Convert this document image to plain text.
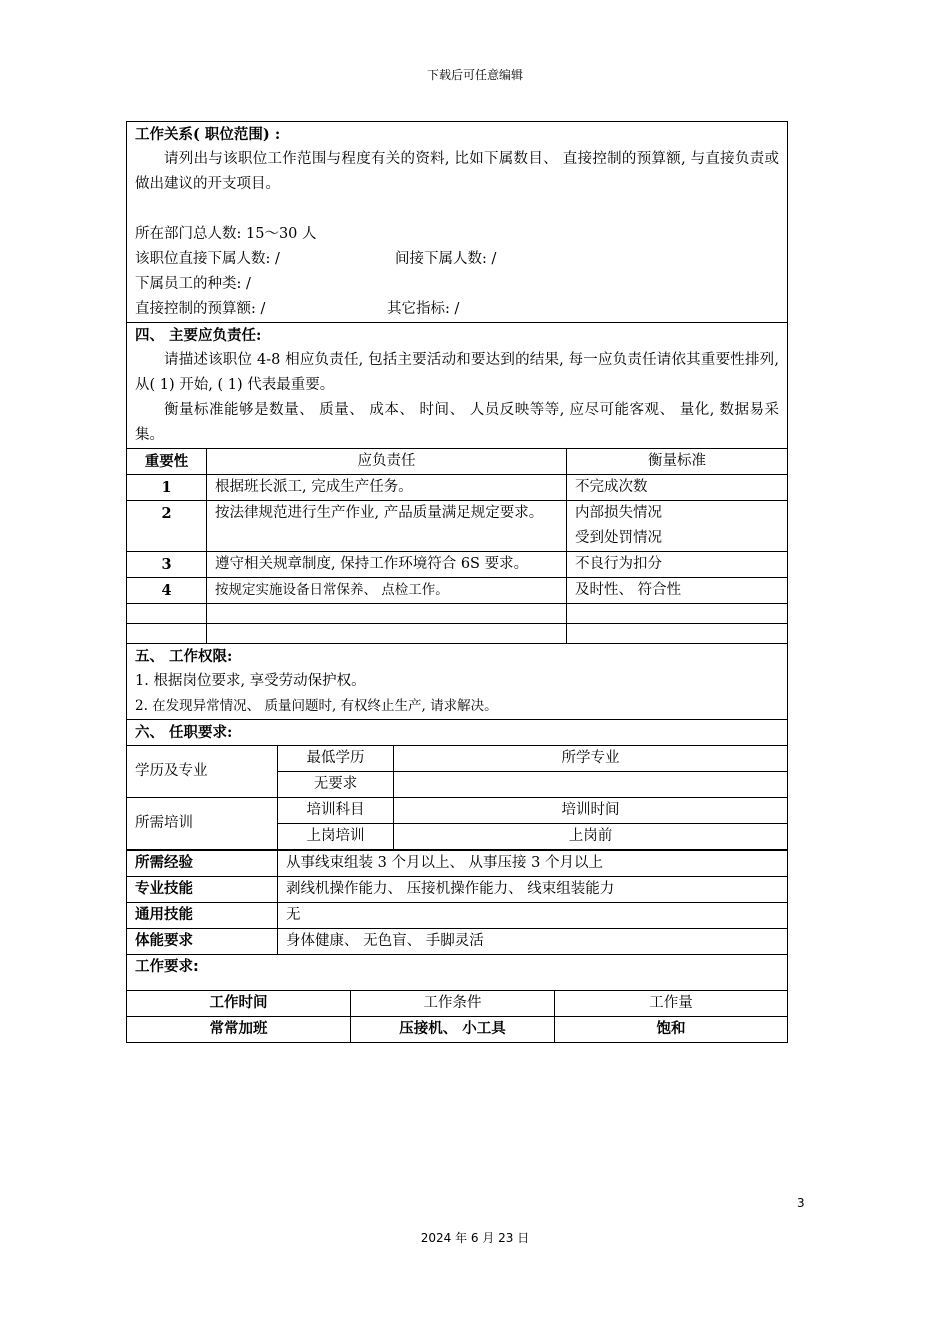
下载后可任意编辑
工作关系( 职位范围) :
请列出与该职位工作范围与程度有关的资料, 比如下属数目、 直接控制的预算额, 与直接负责或做出建议的开支项目。
所在部门总人数: 15～30 人
该职位直接下属人数: /	间接下属人数: /
下属员工的种类: /
直接控制的预算额: /	其它指标: /
四、 主要应负责任:
请描述该职位 4-8 相应负责任, 包括主要活动和要达到的结果, 每一应负责任请依其重要性排列, 从( 1) 开始, ( 1) 代表最重要。
衡量标准能够是数量、 质量、 成本、 时间、 人员反映等等, 应尽可能客观、 量化, 数据易采集。
重要性	应负责任	衡量标准
1	根据班长派工, 完成生产任务。	不完成次数
2	按法律规范进行生产作业, 产品质量满足规定要求。	内部损失情况
受到处罚情况

3	遵守相关规章制度, 保持工作环境符合 6S 要求。	不良行为扣分
4	按规定实施设备日常保养、 点检工作。	及时性、 符合性

五、 工作权限:
1. 根据岗位要求, 享受劳动保护权。
2. 在发现异常情况、 质量问题时, 有权终止生产, 请求解决。
六、 任职要求:
学历及专业	最低学历	所学专业
	无要求	
所需培训	培训科目	培训时间
	上岗培训	上岗前
所需经验	从事线束组装 3 个月以上、 从事压接 3 个月以上
专业技能	剥线机操作能力、 压接机操作能力、 线束组装能力
通用技能	无
体能要求	身体健康、 无色盲、 手脚灵活
工作要求:
工作时间	工作条件	工作量
常常加班	压接机、 小工具	饱和
3
2024 年 6 月 23 日
